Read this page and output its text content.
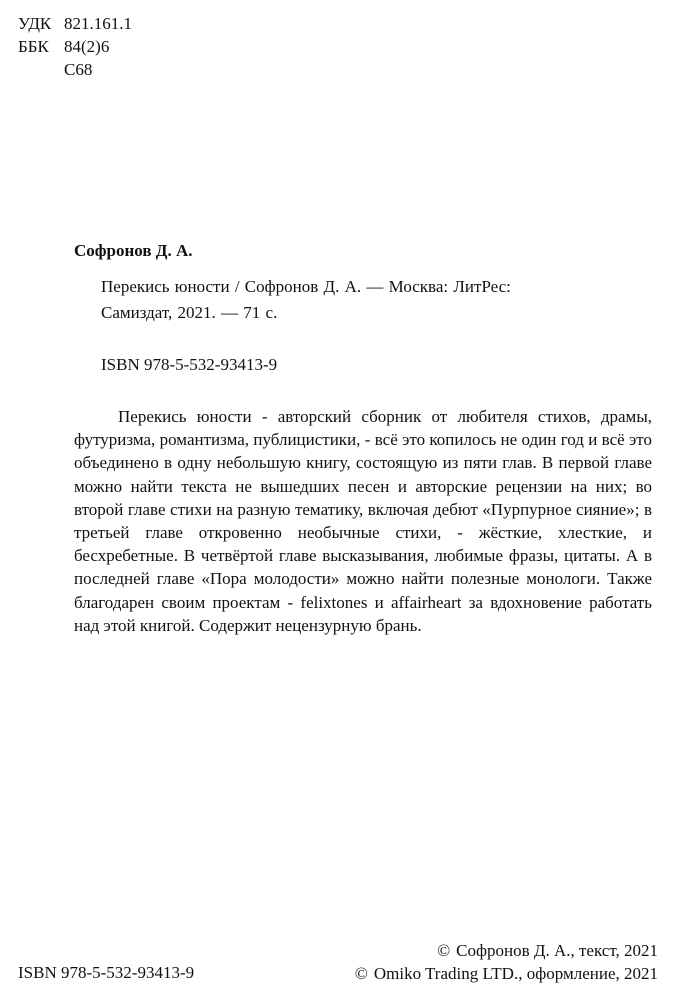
УДК 821.161.1
ББК 84(2)6
С68
Софронов Д. А.
Перекись юности / Софронов Д. А. — Москва: ЛитРес:
Самиздат, 2021. — 71 с.
ISBN 978-5-532-93413-9
Перекись юности - авторский сборник от любителя стихов, драмы, футуризма, романтизма, публицистики, - всё это копилось не один год и всё это объединено в одну небольшую книгу, состоящую из пяти глав. В первой главе можно найти текста не вышедших песен и авторские рецензии на них; во второй главе стихи на разную тематику, включая дебют «Пурпурное сияние»; в третьей главе откровенно необычные стихи, - жёсткие, хлесткие, и бесхребетные. В четвёртой главе высказывания, любимые фразы, цитаты. А в последней главе «Пора молодости» можно найти полезные монологи. Также благодарен своим проектам - felixtones и affairheart за вдохновение работать над этой книгой. Содержит нецензурную брань.
ISBN 978-5-532-93413-9
© Софронов Д. А., текст, 2021
© Omiko Trading LTD., оформление, 2021
